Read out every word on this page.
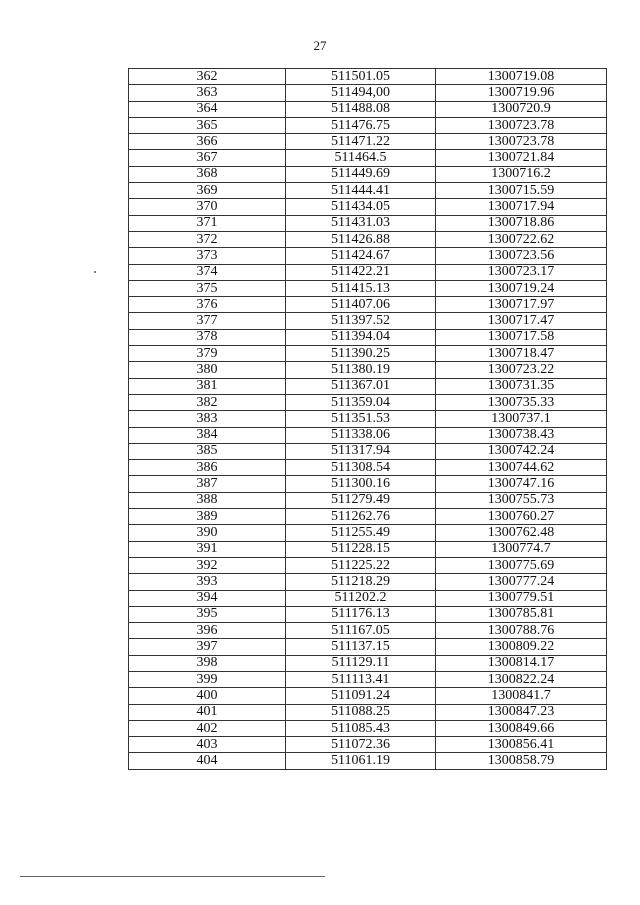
27
362	511501.05	1300719.08
363	511494,00	1300719.96
364	511488.08	1300720.9
365	511476.75	1300723.78
366	511471.22	1300723.78
367	511464.5	1300721.84
368	511449.69	1300716.2
369	511444.41	1300715.59
370	511434.05	1300717.94
371	511431.03	1300718.86
372	511426.88	1300722.62
373	511424.67	1300723.56
374	511422.21	1300723.17
375	511415.13	1300719.24
376	511407.06	1300717.97
377	511397.52	1300717.47
378	511394.04	1300717.58
379	511390.25	1300718.47
380	511380.19	1300723.22
381	511367.01	1300731.35
382	511359.04	1300735.33
383	511351.53	1300737.1
384	511338.06	1300738.43
385	511317.94	1300742.24
386	511308.54	1300744.62
387	511300.16	1300747.16
388	511279.49	1300755.73
389	511262.76	1300760.27
390	511255.49	1300762.48
391	511228.15	1300774.7
392	511225.22	1300775.69
393	511218.29	1300777.24
394	511202.2	1300779.51
395	511176.13	1300785.81
396	511167.05	1300788.76
397	511137.15	1300809.22
398	511129.11	1300814.17
399	511113.41	1300822.24
400	511091.24	1300841.7
401	511088.25	1300847.23
402	511085.43	1300849.66
403	511072.36	1300856.41
404	511061.19	1300858.79
